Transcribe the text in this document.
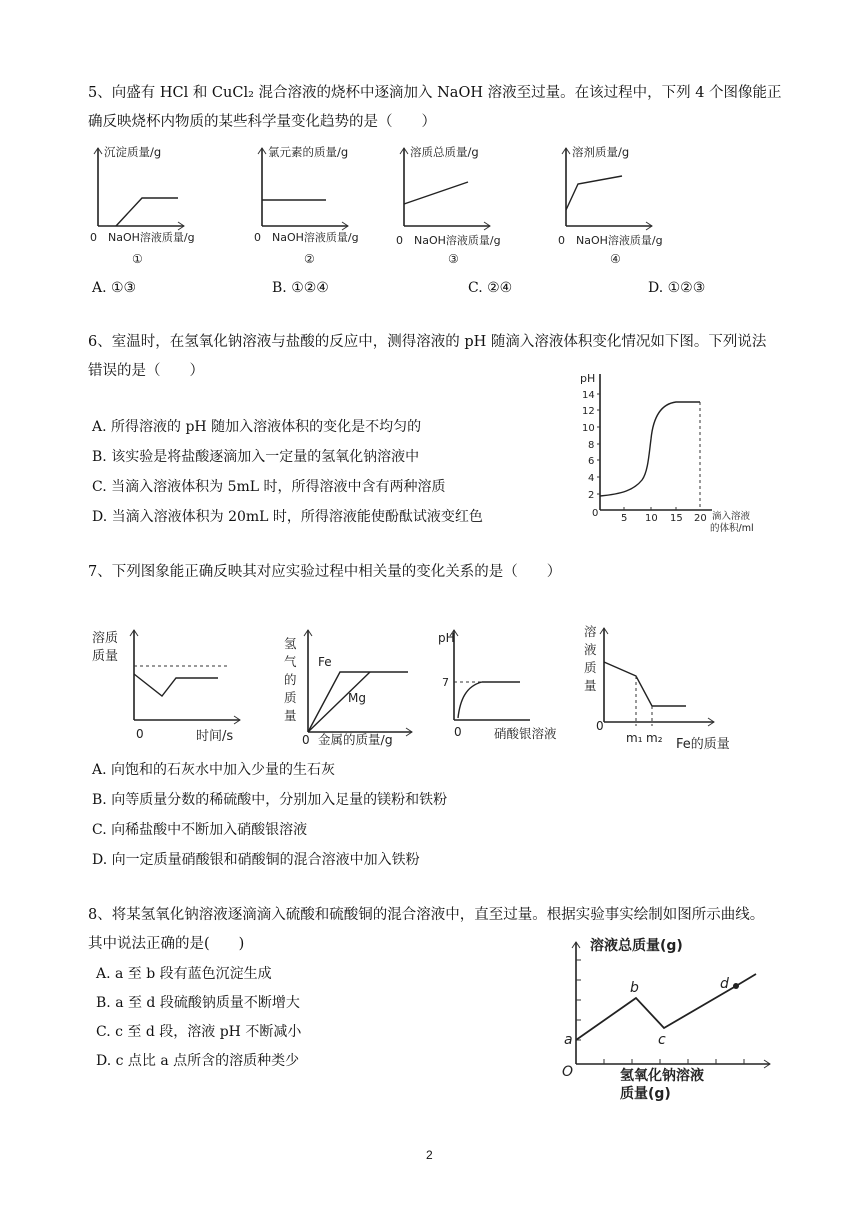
5、向盛有 HCl 和 CuCl₂ 混合溶液的烧杯中逐滴加入 NaOH 溶液至过量。在该过程中，下列 4 个图像能正
确反映烧杯内物质的某些科学量变化趋势的是（　　）
沉淀质量/g
0 NaOH溶液质量/g
①
氯元素的质量/g
0 NaOH溶液质量/g
②
溶质总质量/g
0 NaOH溶液质量/g
③
溶剂质量/g
0 NaOH溶液质量/g
④
A. ①③	B. ①②④	C. ②④	D. ①②③
6、室温时，在氢氧化钠溶液与盐酸的反应中，测得溶液的 pH 随滴入溶液体积变化情况如下图。下列说法
错误的是（　　）
A. 所得溶液的 pH 随加入溶液体积的变化是不均匀的
B. 该实验是将盐酸逐滴加入一定量的氢氧化钠溶液中
C. 当滴入溶液体积为 5mL 时，所得溶液中含有两种溶质
D. 当滴入溶液体积为 20mL 时，所得溶液能使酚酞试液变红色
pH
14
12
10
8
6
4
2
0 5 10 15 20 滴入溶液
的体积/ml
7、下列图象能正确反映其对应实验过程中相关量的变化关系的是（　　）
溶质
质量
0	时间/s
氢
气
的
质
量
Fe
Mg
0 金属的质量/g
pH
7
0	硝酸银溶液
溶
液
质
量
0
m₁ m₂ Fe的质量
A. 向饱和的石灰水中加入少量的生石灰
B. 向等质量分数的稀硫酸中，分别加入足量的镁粉和铁粉
C. 向稀盐酸中不断加入硝酸银溶液
D. 向一定质量硝酸银和硝酸铜的混合溶液中加入铁粉
8、将某氢氧化钠溶液逐滴滴入硫酸和硫酸铜的混合溶液中，直至过量。根据实验事实绘制如图所示曲线。
其中说法正确的是(　　)
A. a 至 b 段有蓝色沉淀生成
B. a 至 d 段硫酸钠质量不断增大
C. c 至 d 段，溶液 pH 不断减小
D. c 点比 a 点所含的溶质种类少
溶液总质量(g)
a
b
c
d
O	氢氧化钠溶液
质量(g)
2
